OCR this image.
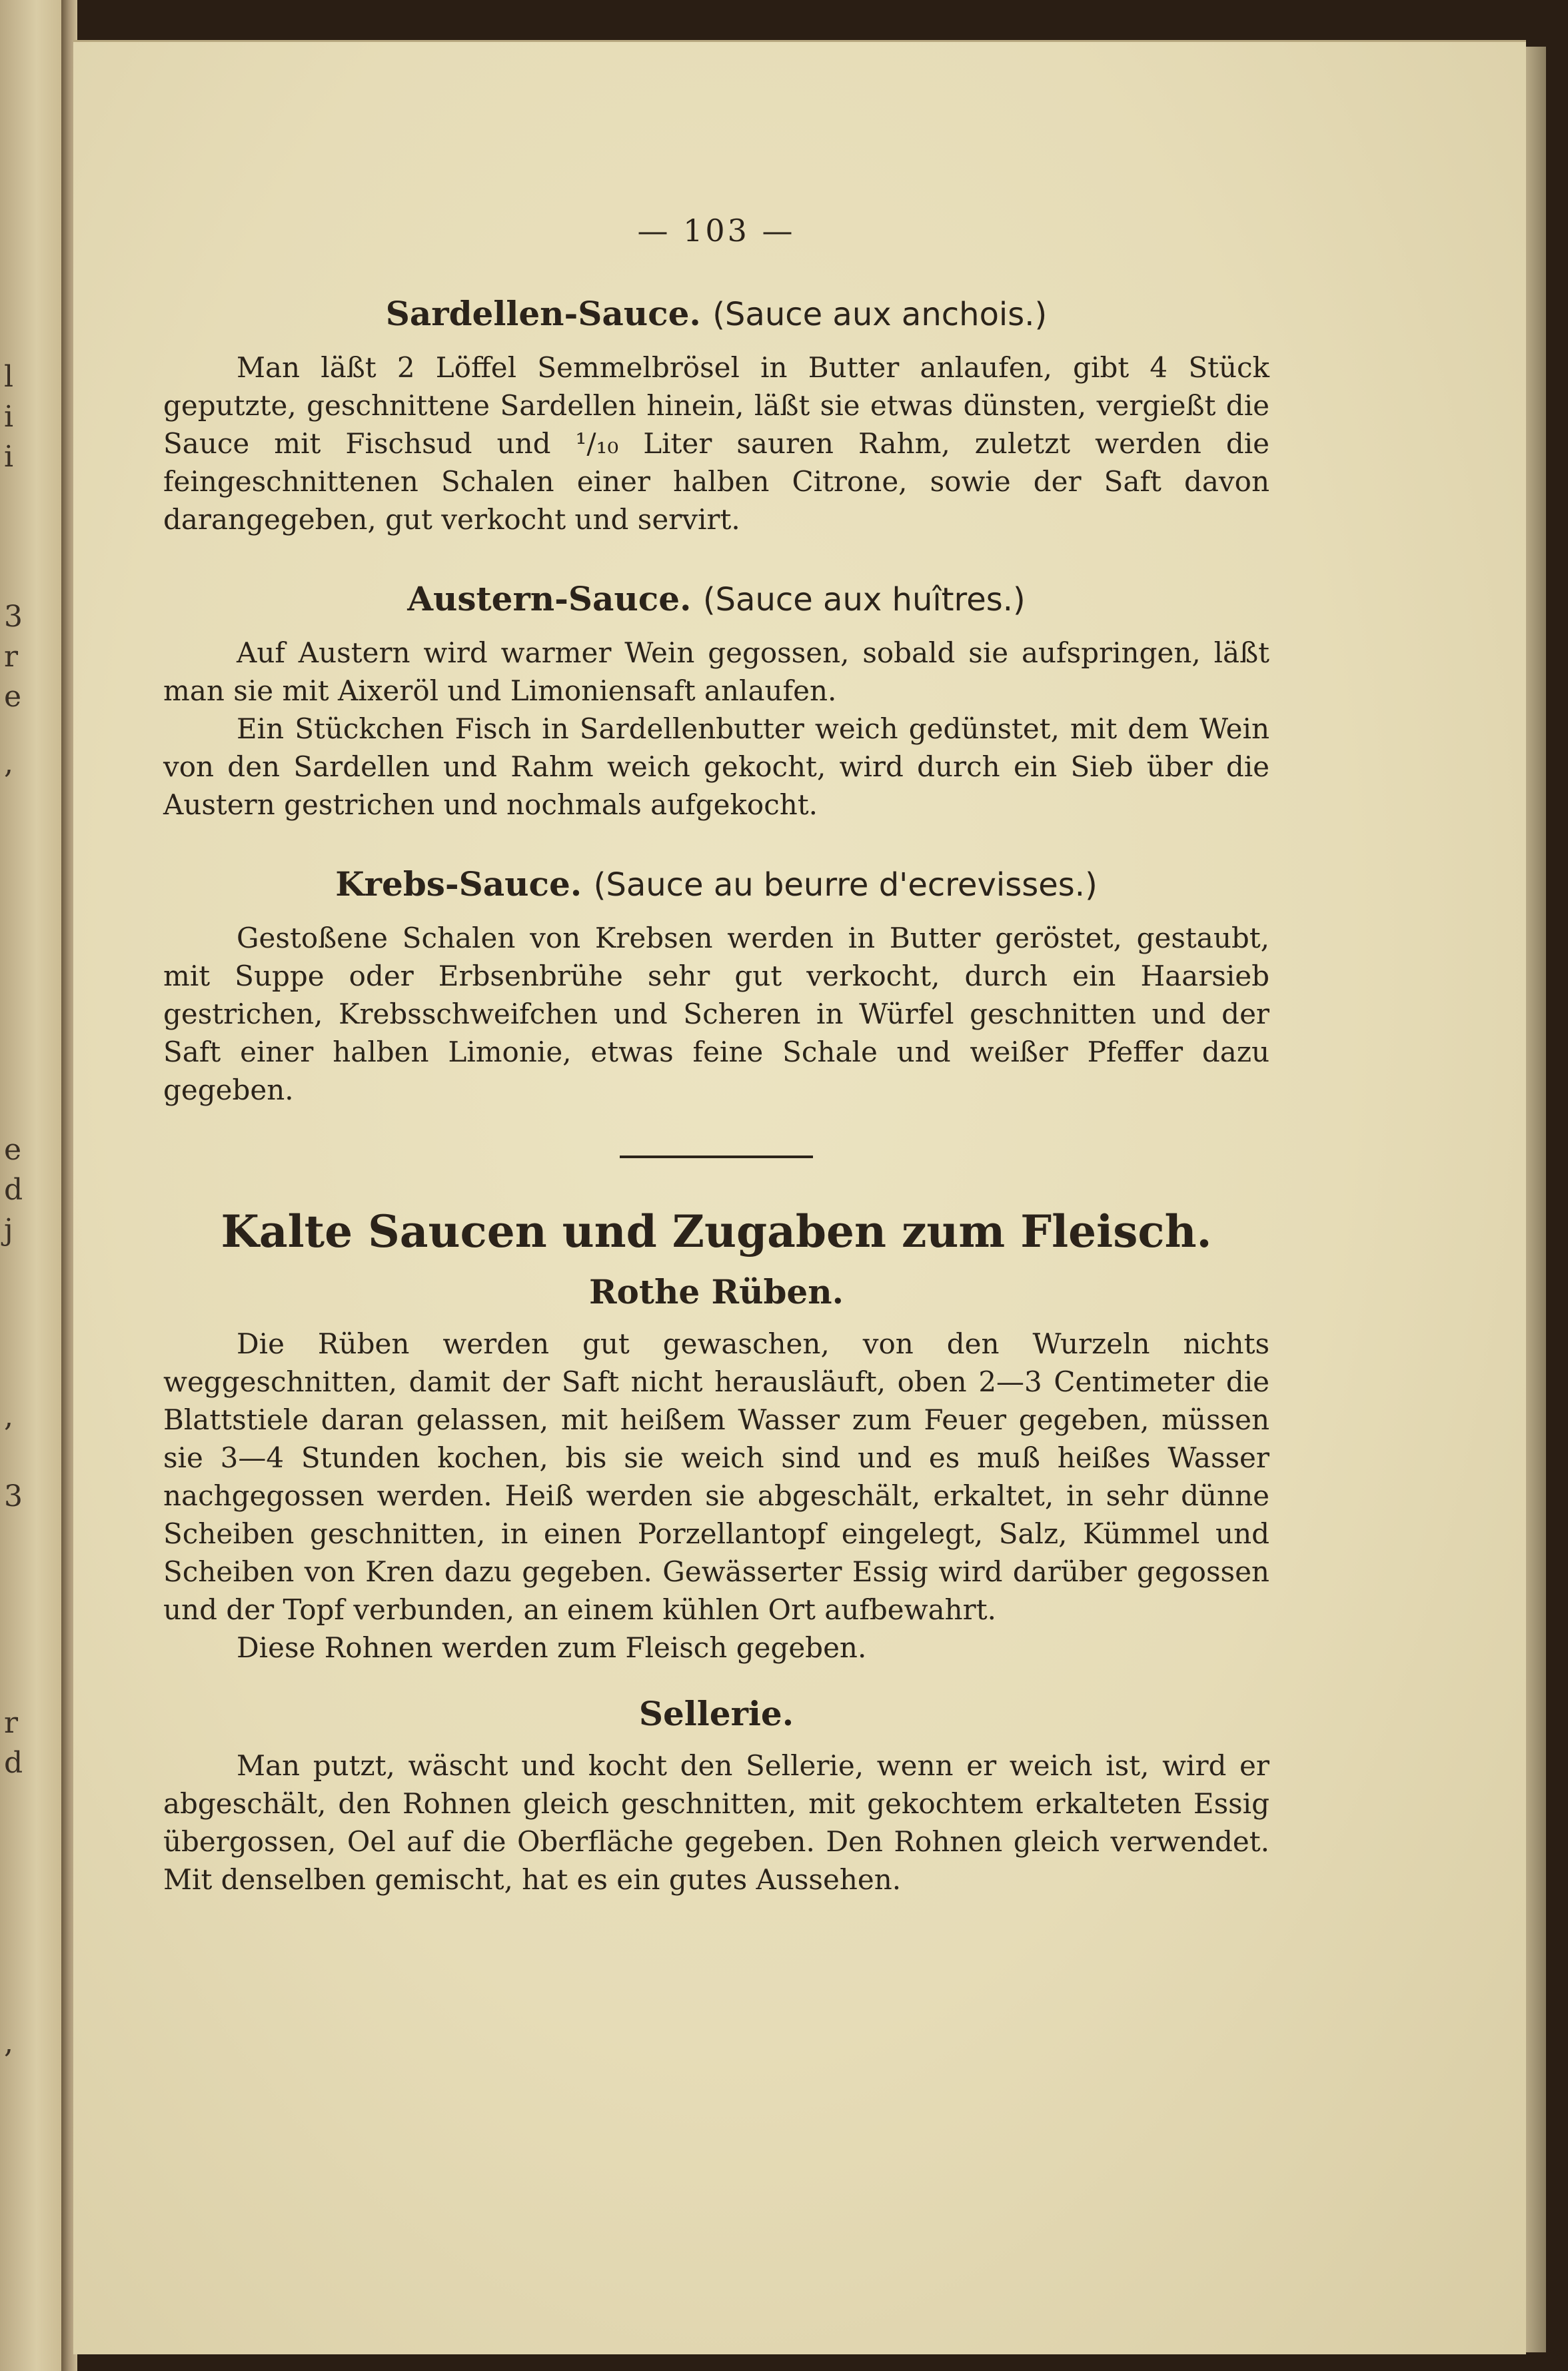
l
i
i
3
r
e
,
e
d
j
,
3
r
d
,
— 103 —
Sardellen-Sauce. (Sauce aux anchois.)

Man läßt 2 Löffel Semmelbrösel in Butter anlaufen, gibt 4 Stück geputzte, geschnittene Sardellen hinein, läßt sie etwas dünsten, vergießt die Sauce mit Fischsud und ¹/₁₀ Liter sauren Rahm, zuletzt werden die feingeschnittenen Schalen einer halben Citrone, sowie der Saft davon darangegeben, gut verkocht und servirt.

Austern-Sauce. (Sauce aux huîtres.)

Auf Austern wird warmer Wein gegossen, sobald sie aufspringen, läßt man sie mit Aixeröl und Limoniensaft anlaufen.

Ein Stückchen Fisch in Sardellenbutter weich gedünstet, mit dem Wein von den Sardellen und Rahm weich gekocht, wird durch ein Sieb über die Austern gestrichen und nochmals aufgekocht.

Krebs-Sauce. (Sauce au beurre d'ecrevisses.)

Gestoßene Schalen von Krebsen werden in Butter geröstet, gestaubt, mit Suppe oder Erbsenbrühe sehr gut verkocht, durch ein Haarsieb gestrichen, Krebsschweifchen und Scheren in Würfel geschnitten und der Saft einer halben Limonie, etwas feine Schale und weißer Pfeffer dazu gegeben.

Kalte Saucen und Zugaben zum Fleisch.
Rothe Rüben.

Die Rüben werden gut gewaschen, von den Wurzeln nichts weggeschnitten, damit der Saft nicht herausläuft, oben 2—3 Centimeter die Blattstiele daran gelassen, mit heißem Wasser zum Feuer gegeben, müssen sie 3—4 Stunden kochen, bis sie weich sind und es muß heißes Wasser nachgegossen werden. Heiß werden sie abgeschält, erkaltet, in sehr dünne Scheiben geschnitten, in einen Porzellantopf eingelegt, Salz, Kümmel und Scheiben von Kren dazu gegeben. Gewässerter Essig wird darüber gegossen und der Topf verbunden, an einem kühlen Ort aufbewahrt.

Diese Rohnen werden zum Fleisch gegeben.

Sellerie.

Man putzt, wäscht und kocht den Sellerie, wenn er weich ist, wird er abgeschält, den Rohnen gleich geschnitten, mit gekochtem erkalteten Essig übergossen, Oel auf die Oberfläche gegeben. Den Rohnen gleich verwendet. Mit denselben gemischt, hat es ein gutes Aussehen.
